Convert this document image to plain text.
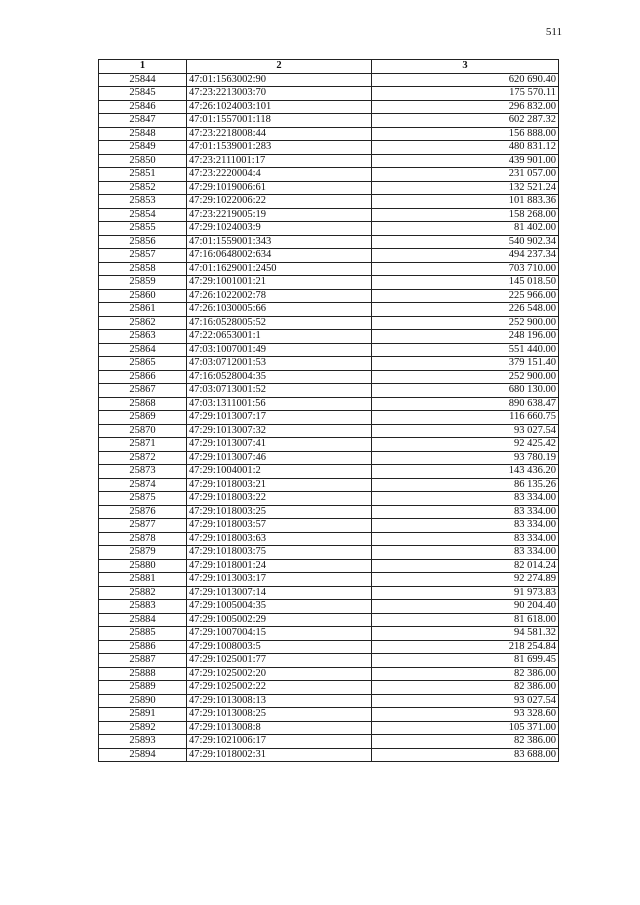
511
1	2	3
25844	47:01:1563002:90	620 690.40
25845	47:23:2213003:70	175 570.11
25846	47:26:1024003:101	296 832.00
25847	47:01:1557001:118	602 287.32
25848	47:23:2218008:44	156 888.00
25849	47:01:1539001:283	480 831.12
25850	47:23:2111001:17	439 901.00
25851	47:23:2220004:4	231 057.00
25852	47:29:1019006:61	132 521.24
25853	47:29:1022006:22	101 883.36
25854	47:23:2219005:19	158 268.00
25855	47:29:1024003:9	81 402.00
25856	47:01:1559001:343	540 902.34
25857	47:16:0648002:634	494 237.34
25858	47:01:1629001:2450	703 710.00
25859	47:29:1001001:21	145 018.50
25860	47:26:1022002:78	225 966.00
25861	47:26:1030005:66	226 548.00
25862	47:16:0528005:52	252 900.00
25863	47:22:0653001:1	248 196.00
25864	47:03:1007001:49	551 440.00
25865	47:03:0712001:53	379 151.40
25866	47:16:0528004:35	252 900.00
25867	47:03:0713001:52	680 130.00
25868	47:03:1311001:56	890 638.47
25869	47:29:1013007:17	116 660.75
25870	47:29:1013007:32	93 027.54
25871	47:29:1013007:41	92 425.42
25872	47:29:1013007:46	93 780.19
25873	47:29:1004001:2	143 436.20
25874	47:29:1018003:21	86 135.26
25875	47:29:1018003:22	83 334.00
25876	47:29:1018003:25	83 334.00
25877	47:29:1018003:57	83 334.00
25878	47:29:1018003:63	83 334.00
25879	47:29:1018003:75	83 334.00
25880	47:29:1018001:24	82 014.24
25881	47:29:1013003:17	92 274.89
25882	47:29:1013007:14	91 973.83
25883	47:29:1005004:35	90 204.40
25884	47:29:1005002:29	81 618.00
25885	47:29:1007004:15	94 581.32
25886	47:29:1008003:5	218 254.84
25887	47:29:1025001:77	81 699.45
25888	47:29:1025002:20	82 386.00
25889	47:29:1025002:22	82 386.00
25890	47:29:1013008:13	93 027.54
25891	47:29:1013008:25	93 328.60
25892	47:29:1013008:8	105 371.00
25893	47:29:1021006:17	82 386.00
25894	47:29:1018002:31	83 688.00
